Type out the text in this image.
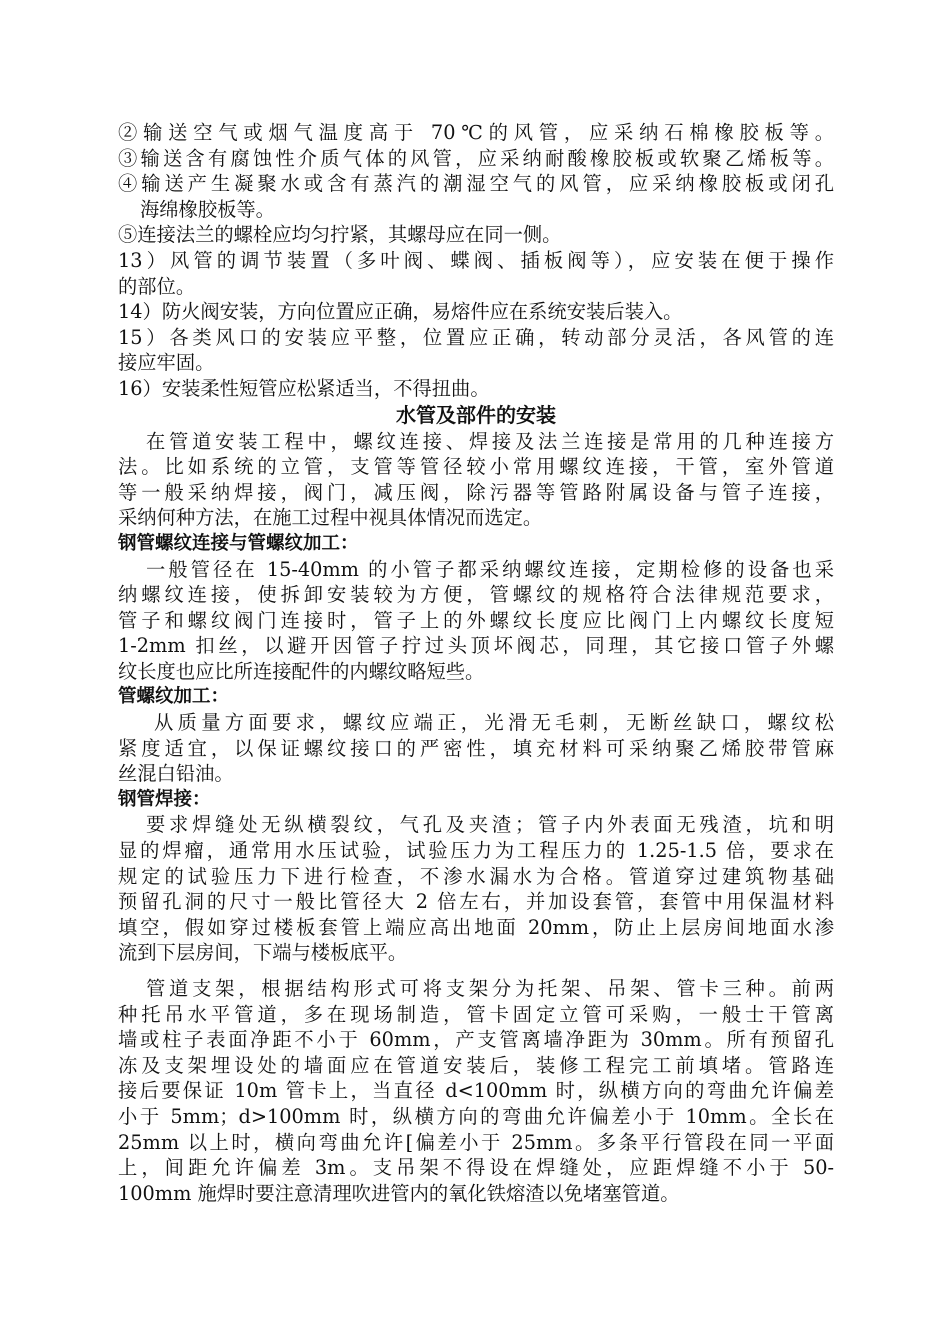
②输送空气或烟气温度高于 70℃的风管，应采纳石棉橡胶板等。
③输送含有腐蚀性介质气体的风管，应采纳耐酸橡胶板或软聚乙烯板等。
④输送产生凝聚水或含有蒸汽的潮湿空气的风管，应采纳橡胶板或闭孔
海绵橡胶板等。
⑤连接法兰的螺栓应均匀拧紧，其螺母应在同一侧。
13）风管的调节装置（多叶阀、蝶阀、插板阀等），应安装在便于操作
的部位。
14）防火阀安装，方向位置应正确，易熔件应在系统安装后装入。
15）各类风口的安装应平整，位置应正确，转动部分灵活，各风管的连
接应牢固。
16）安装柔性短管应松紧适当，不得扭曲。
水管及部件的安装
在管道安装工程中，螺纹连接、焊接及法兰连接是常用的几种连接方
法。比如系统的立管，支管等管径较小常用螺纹连接，干管，室外管道
等一般采纳焊接，阀门，减压阀，除污器等管路附属设备与管子连接，
采纳何种方法，在施工过程中视具体情况而选定。
钢管螺纹连接与管螺纹加工：
一般管径在 15-40mm 的小管子都采纳螺纹连接，定期检修的设备也采
纳螺纹连接，使拆卸安装较为方便，管螺纹的规格符合法律规范要求，
管子和螺纹阀门连接时，管子上的外螺纹长度应比阀门上内螺纹长度短
1-2mm 扣丝，以避开因管子拧过头顶坏阀芯，同理，其它接口管子外螺
纹长度也应比所连接配件的内螺纹略短些。
管螺纹加工：
从质量方面要求，螺纹应端正，光滑无毛刺，无断丝缺口，螺纹松
紧度适宜，以保证螺纹接口的严密性，填充材料可采纳聚乙烯胶带管麻
丝混白铅油。
钢管焊接：
要求焊缝处无纵横裂纹，气孔及夹渣；管子内外表面无残渣，坑和明
显的焊瘤，通常用水压试验，试验压力为工程压力的 1.25-1.5 倍，要求在
规定的试验压力下进行检查，不渗水漏水为合格。管道穿过建筑物基础
预留孔洞的尺寸一般比管径大 2 倍左右，并加设套管，套管中用保温材料
填空，假如穿过楼板套管上端应高出地面 20mm，防止上层房间地面水渗
流到下层房间，下端与楼板底平。
管道支架，根据结构形式可将支架分为托架、吊架、管卡三种。前两
种托吊水平管道，多在现场制造，管卡固定立管可采购，一般士干管离
墙或柱子表面净距不小于 60mm，产支管离墙净距为 30mm。所有预留孔
冻及支架埋设处的墙面应在管道安装后，装修工程完工前填堵。管路连
接后要保证 10m 管卡上，当直径 d<100mm 时，纵横方向的弯曲允许偏差
小于 5mm；d>100mm 时，纵横方向的弯曲允许偏差小于 10mm。全长在
25mm 以上时，横向弯曲允许[偏差小于 25mm。多条平行管段在同一平面
上，间距允许偏差 3m。支吊架不得设在焊缝处，应距焊缝不小于 50-
100mm 施焊时要注意清理吹进管内的氧化铁熔渣以免堵塞管道。
